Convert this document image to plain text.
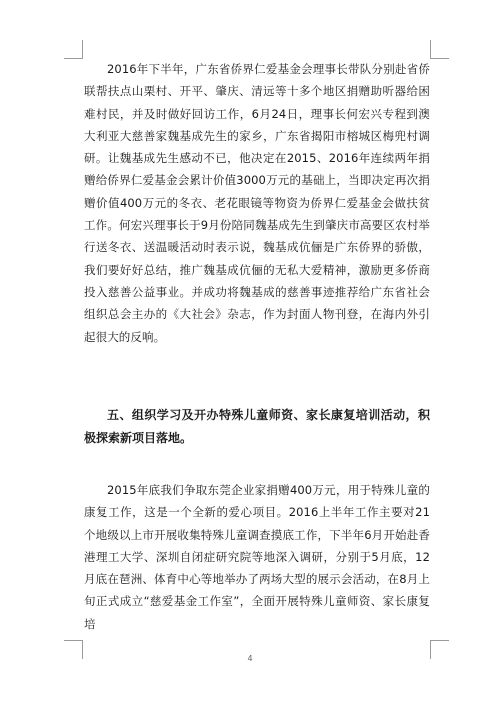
2016年下半年，广东省侨界仁爱基金会理事长带队分别赴省侨联帮扶点山栗村、开平、肇庆、清远等十多个地区捐赠助听器给困难村民，并及时做好回访工作，6月24日，理事长何宏兴专程到澳大利亚大慈善家魏基成先生的家乡，广东省揭阳市榕城区梅兜村调研。让魏基成先生感动不已，他决定在2015、2016年连续两年捐赠给侨界仁爱基金会累计价值3000万元的基础上，当即决定再次捐赠价值400万元的冬衣、老花眼镜等物资为侨界仁爱基金会做扶贫工作。何宏兴理事长于9月份陪同魏基成先生到肇庆市高要区农村举行送冬衣、送温暖活动时表示说，魏基成伉俪是广东侨界的骄傲，我们要好好总结，推广魏基成伉俪的无私大爱精神，激励更多侨商投入慈善公益事业。并成功将魏基成的慈善事迹推荐给广东省社会组织总会主办的《大社会》杂志，作为封面人物刊登，在海内外引起很大的反响。

五、组织学习及开办特殊儿童师资、家长康复培训活动，积极探索新项目落地。

2015年底我们争取东莞企业家捐赠400万元，用于特殊儿童的康复工作，这是一个全新的爱心项目。2016上半年工作主要对21个地级以上市开展收集特殊儿童调查摸底工作，下半年6月开始赴香港理工大学、深圳自闭症研究院等地深入调研，分别于5月底，12月底在琶洲、体育中心等地举办了两场大型的展示会活动，在8月上旬正式成立“慈爱基金工作室”，全面开展特殊儿童师资、家长康复培

4
